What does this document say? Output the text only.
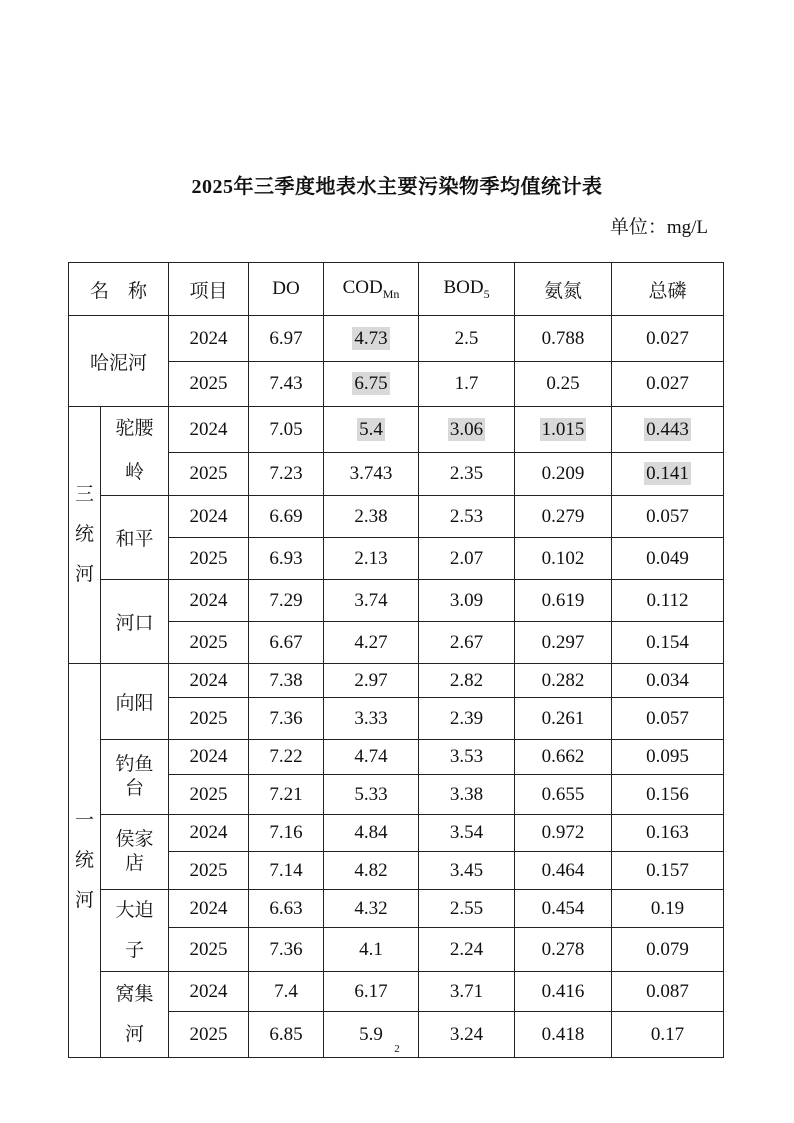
2025年三季度地表水主要污染物季均值统计表
单位：mg/L
名　称		项目	DO	$COD_{Mn}$	$BOD_5$	氨氮	总磷
哈泥河		2024	6.97	4.73	2.5	0.788	0.027
		2025	7.43	6.75	1.7	0.25	0.027
三统河	驼腰岭	2024	7.05	5.4	3.06	1.015	0.443
		2025	7.23	3.743	2.35	0.209	0.141
	和平	2024	6.69	2.38	2.53	0.279	0.057
		2025	6.93	2.13	2.07	0.102	0.049
	河口	2024	7.29	3.74	3.09	0.619	0.112
		2025	6.67	4.27	2.67	0.297	0.154
一统河	向阳	2024	7.38	2.97	2.82	0.282	0.034
		2025	7.36	3.33	2.39	0.261	0.057
	钓鱼台	2024	7.22	4.74	3.53	0.662	0.095
		2025	7.21	5.33	3.38	0.655	0.156
	侯家店	2024	7.16	4.84	3.54	0.972	0.163
		2025	7.14	4.82	3.45	0.464	0.157
	大迫子	2024	6.63	4.32	2.55	0.454	0.19
		2025	7.36	4.1	2.24	0.278	0.079
	窝集河	2024	7.4	6.17	3.71	0.416	0.087
		2025	6.85	5.9	3.24	0.418	0.17
2
